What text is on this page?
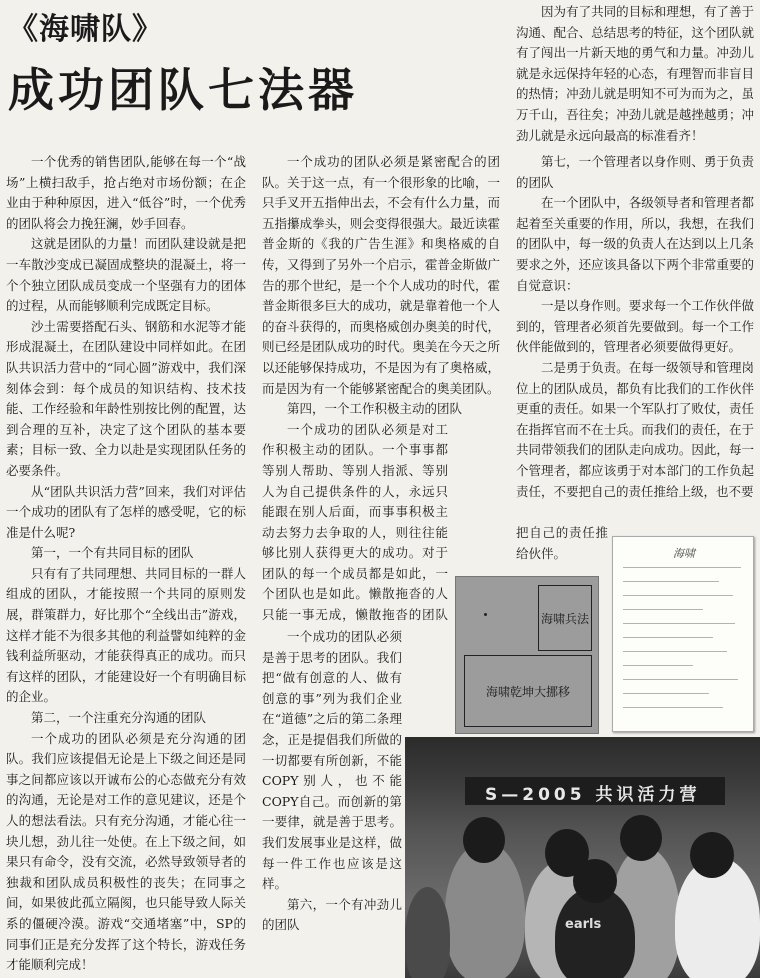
《海啸队》
成功团队七法器

一个优秀的销售团队,能够在每一个“战场”上横扫敌手，抢占绝对市场份额；在企业由于种种原因，进入“低谷”时，一个优秀的团队将会力挽狂澜，妙手回春。

这就是团队的力量！而团队建设就是把一车散沙变成已凝固成整块的混凝土，将一个个独立团队成员变成一个坚强有力的团体的过程，从而能够顺利完成既定目标。

沙土需要搭配石头、钢筋和水泥等才能形成混凝土，在团队建设中同样如此。在团队共识活力营中的“同心圆”游戏中，我们深刻体会到：每个成员的知识结构、技术技能、工作经验和年龄性别按比例的配置，达到合理的互补，决定了这个团队的基本要素；目标一致、全力以赴是实现团队任务的必要条件。

从“团队共识活力营”回来，我们对评估一个成功的团队有了怎样的感受呢，它的标准是什么呢?

第一，一个有共同目标的团队

只有有了共同理想、共同目标的一群人组成的团队，才能按照一个共同的原则发展，群策群力，好比那个“全线出击”游戏，这样才能不为很多其他的利益譬如纯粹的金钱利益所驱动，才能获得真正的成功。而只有这样的团队，才能建设好一个有明确目标的企业。

第二，一个注重充分沟通的团队

一个成功的团队必须是充分沟通的团队。我们应该提倡无论是上下级之间还是同事之间都应该以开诚布公的心态做充分有效的沟通，无论是对工作的意见建议，还是个人的想法看法。只有充分沟通，才能心往一块儿想，劲儿往一处使。在上下级之间，如果只有命令，没有交流，必然导致领导者的独裁和团队成员积极性的丧失；在同事之间，如果彼此孤立隔阂，也只能导致人际关系的僵硬冷漠。游戏“交通堵塞”中，SP的同事们正是充分发挥了这个特长，游戏任务才能顺利完成！

一个成功的团队必须是紧密配合的团队。关于这一点，有一个很形象的比喻，一只手叉开五指伸出去，不会有什么力量，而五指攥成拳头，则会变得很强大。最近读霍普金斯的《我的广告生涯》和奥格威的自传，又得到了另外一个启示，霍普金斯做广告的那个世纪，是一个个人成功的时代，霍普金斯很多巨大的成功，就是靠着他一个人的奋斗获得的，而奥格威创办奥美的时代，则已经是团队成功的时代。奥美在今天之所以还能够保持成功，不是因为有了奥格威，而是因为有一个能够紧密配合的奥美团队。

第四，一个工作积极主动的团队

一个成功的团队必须是对工作积极主动的团队。一个事事都等别人帮助、等别人指派、等别人为自己提供条件的人，永远只能跟在别人后面，而事事积极主动去努力去争取的人，则往往能够比别人获得更大的成功。对于团队的每一个成员都是如此，一个团队也是如此。懒散拖沓的人只能一事无成，懒散拖沓的团队

一个成功的团队必须是善于思考的团队。我们把“做有创意的人、做有创意的事”列为我们企业在“道德”之后的第二条理念，正是提倡我们所做的一切都要有所创新，不能COPY别人，也不能COPY自己。而创新的第一要律，就是善于思考。我们发展事业是这样，做每一件工作也应该是这样。

第六，一个有冲劲儿的团队

因为有了共同的目标和理想，有了善于沟通、配合、总结思考的特征，这个团队就有了闯出一片新天地的勇气和力量。冲劲儿就是永远保持年轻的心态，有理智而非盲目的热情；冲劲儿就是明知不可为而为之，虽万千山，吾往矣；冲劲儿就是越挫越勇；冲劲儿就是永远向最高的标准看齐！

第七，一个管理者以身作则、勇于负责的团队

在一个团队中，各级领导者和管理者都起着至关重要的作用，所以，我想，在我们的团队中，每一级的负责人在达到以上几条要求之外，还应该具备以下两个非常重要的自觉意识：

一是以身作则。要求每一个工作伙伴做到的，管理者必须首先要做到。每一个工作伙伴能做到的，管理者必须要做得更好。

二是勇于负责。在每一级领导和管理岗位上的团队成员，都负有比我们的工作伙伴更重的责任。如果一个军队打了败仗，责任在指挥官而不在士兵。而我们的责任，在于共同带领我们的团队走向成功。因此，每一个管理者，都应该勇于对本部门的工作负起责任，不要把自己的责任推给上级，也不要

把自己的责任推给伙伴。
海啸兵法
海啸乾坤大挪移
海啸
S—2005 共识活力营
earls
